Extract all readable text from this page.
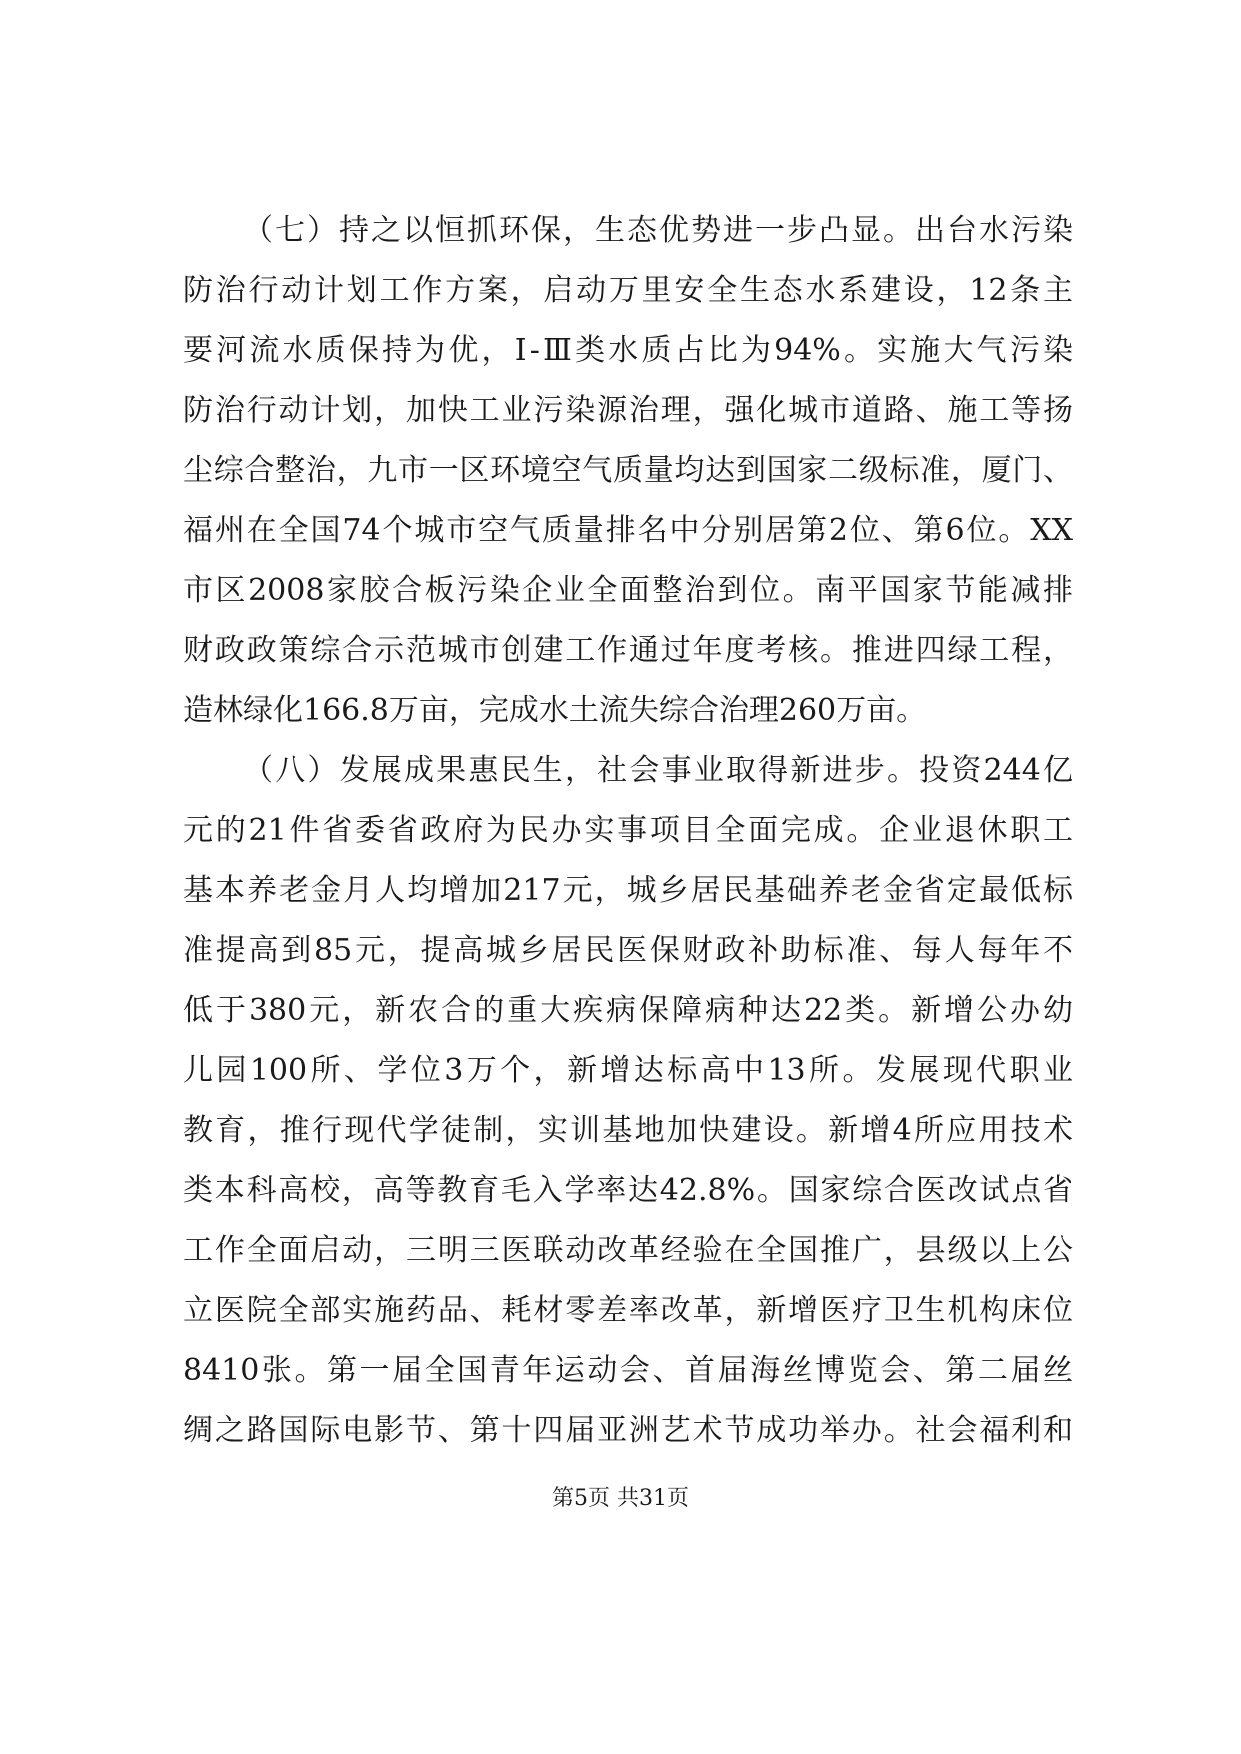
（七）持之以恒抓环保，生态优势进一步凸显。出台水污染
防治行动计划工作方案，启动万里安全生态水系建设，12条主
要河流水质保持为优，Ⅰ-Ⅲ类水质占比为94%。实施大气污染
防治行动计划，加快工业污染源治理，强化城市道路、施工等扬
尘综合整治，九市一区环境空气质量均达到国家二级标准，厦门、
福州在全国74个城市空气质量排名中分别居第2位、第6位。XX
市区2008家胶合板污染企业全面整治到位。南平国家节能减排
财政政策综合示范城市创建工作通过年度考核。推进四绿工程，
造林绿化166.8万亩，完成水土流失综合治理260万亩。
（八）发展成果惠民生，社会事业取得新进步。投资244亿
元的21件省委省政府为民办实事项目全面完成。企业退休职工
基本养老金月人均增加217元，城乡居民基础养老金省定最低标
准提高到85元，提高城乡居民医保财政补助标准、每人每年不
低于380元，新农合的重大疾病保障病种达22类。新增公办幼
儿园100所、学位3万个，新增达标高中13所。发展现代职业
教育，推行现代学徒制，实训基地加快建设。新增4所应用技术
类本科高校，高等教育毛入学率达42.8%。国家综合医改试点省
工作全面启动，三明三医联动改革经验在全国推广，县级以上公
立医院全部实施药品、耗材零差率改革，新增医疗卫生机构床位
8410张。第一届全国青年运动会、首届海丝博览会、第二届丝
绸之路国际电影节、第十四届亚洲艺术节成功举办。社会福利和
第5页 共31页
